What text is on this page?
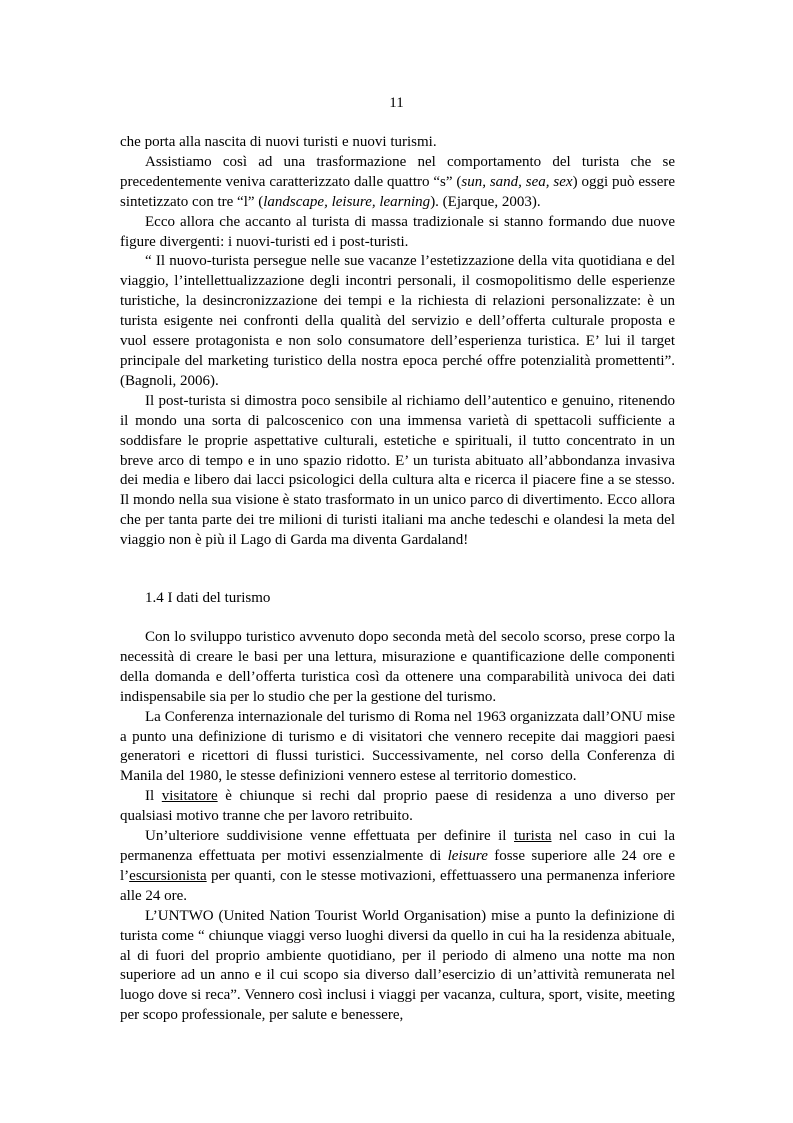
11

che porta alla nascita di nuovi turisti e nuovi turismi.

Assistiamo così ad una trasformazione nel comportamento del turista che se precedentemente veniva caratterizzato dalle quattro “s” (sun, sand, sea, sex) oggi può essere sintetizzato con tre “l” (landscape, leisure, learning). (Ejarque, 2003).

Ecco allora che accanto al turista di massa tradizionale si stanno formando due nuove figure divergenti: i nuovi-turisti ed i post-turisti.

“ Il nuovo-turista persegue nelle sue vacanze l’estetizzazione della vita quotidiana e del viaggio, l’intellettualizzazione degli incontri personali, il cosmopolitismo delle esperienze turistiche, la desincronizzazione dei tempi e la richiesta di relazioni personalizzate: è un turista esigente nei confronti della qualità del servizio e dell’offerta culturale proposta e vuol essere protagonista e non solo consumatore dell’esperienza turistica. E’ lui il target principale del marketing turistico della nostra epoca perché offre potenzialità promettenti”. (Bagnoli, 2006).

Il post-turista si dimostra poco sensibile al richiamo dell’autentico e genuino, ritenendo il mondo una sorta di palcoscenico con una immensa varietà di spettacoli sufficiente a soddisfare le proprie aspettative culturali, estetiche e spirituali, il tutto concentrato in un breve arco di tempo e in uno spazio ridotto. E’ un turista abituato all’abbondanza invasiva dei media e libero dai lacci psicologici della cultura alta e ricerca il piacere fine a se stesso. Il mondo nella sua visione è stato trasformato in un unico parco di divertimento. Ecco allora che per tanta parte dei tre milioni di turisti italiani ma anche tedeschi e olandesi la meta del viaggio non è più il Lago di Garda ma diventa Gardaland!

1.4 I dati del turismo

Con lo sviluppo turistico avvenuto dopo seconda metà del secolo scorso, prese corpo la necessità di creare le basi per una lettura, misurazione e quantificazione delle componenti della domanda e dell’offerta turistica così da ottenere una comparabilità univoca dei dati indispensabile sia per lo studio che per la gestione del turismo.

La Conferenza internazionale del turismo di Roma nel 1963 organizzata dall’ONU mise a punto una definizione di turismo e di visitatori che vennero recepite dai maggiori paesi generatori e ricettori di flussi turistici. Successivamente, nel corso della Conferenza di Manila del 1980, le stesse definizioni vennero estese al territorio domestico.

Il visitatore è chiunque si rechi dal proprio paese di residenza a uno diverso per qualsiasi motivo tranne che per lavoro retribuito.

Un’ulteriore suddivisione venne effettuata per definire il turista nel caso in cui la permanenza effettuata per motivi essenzialmente di leisure fosse superiore alle 24 ore e l’escursionista per quanti, con le stesse motivazioni, effettuassero una permanenza inferiore alle 24 ore.

L’UNTWO (United Nation Tourist World Organisation) mise a punto la definizione di turista come “ chiunque viaggi verso luoghi diversi da quello in cui ha la residenza abituale, al di fuori del proprio ambiente quotidiano, per il periodo di almeno una notte ma non superiore ad un anno e il cui scopo sia diverso dall’esercizio di un’attività remunerata nel luogo dove si reca”. Vennero così inclusi i viaggi per vacanza, cultura, sport, visite, meeting per scopo professionale, per salute e benessere,
